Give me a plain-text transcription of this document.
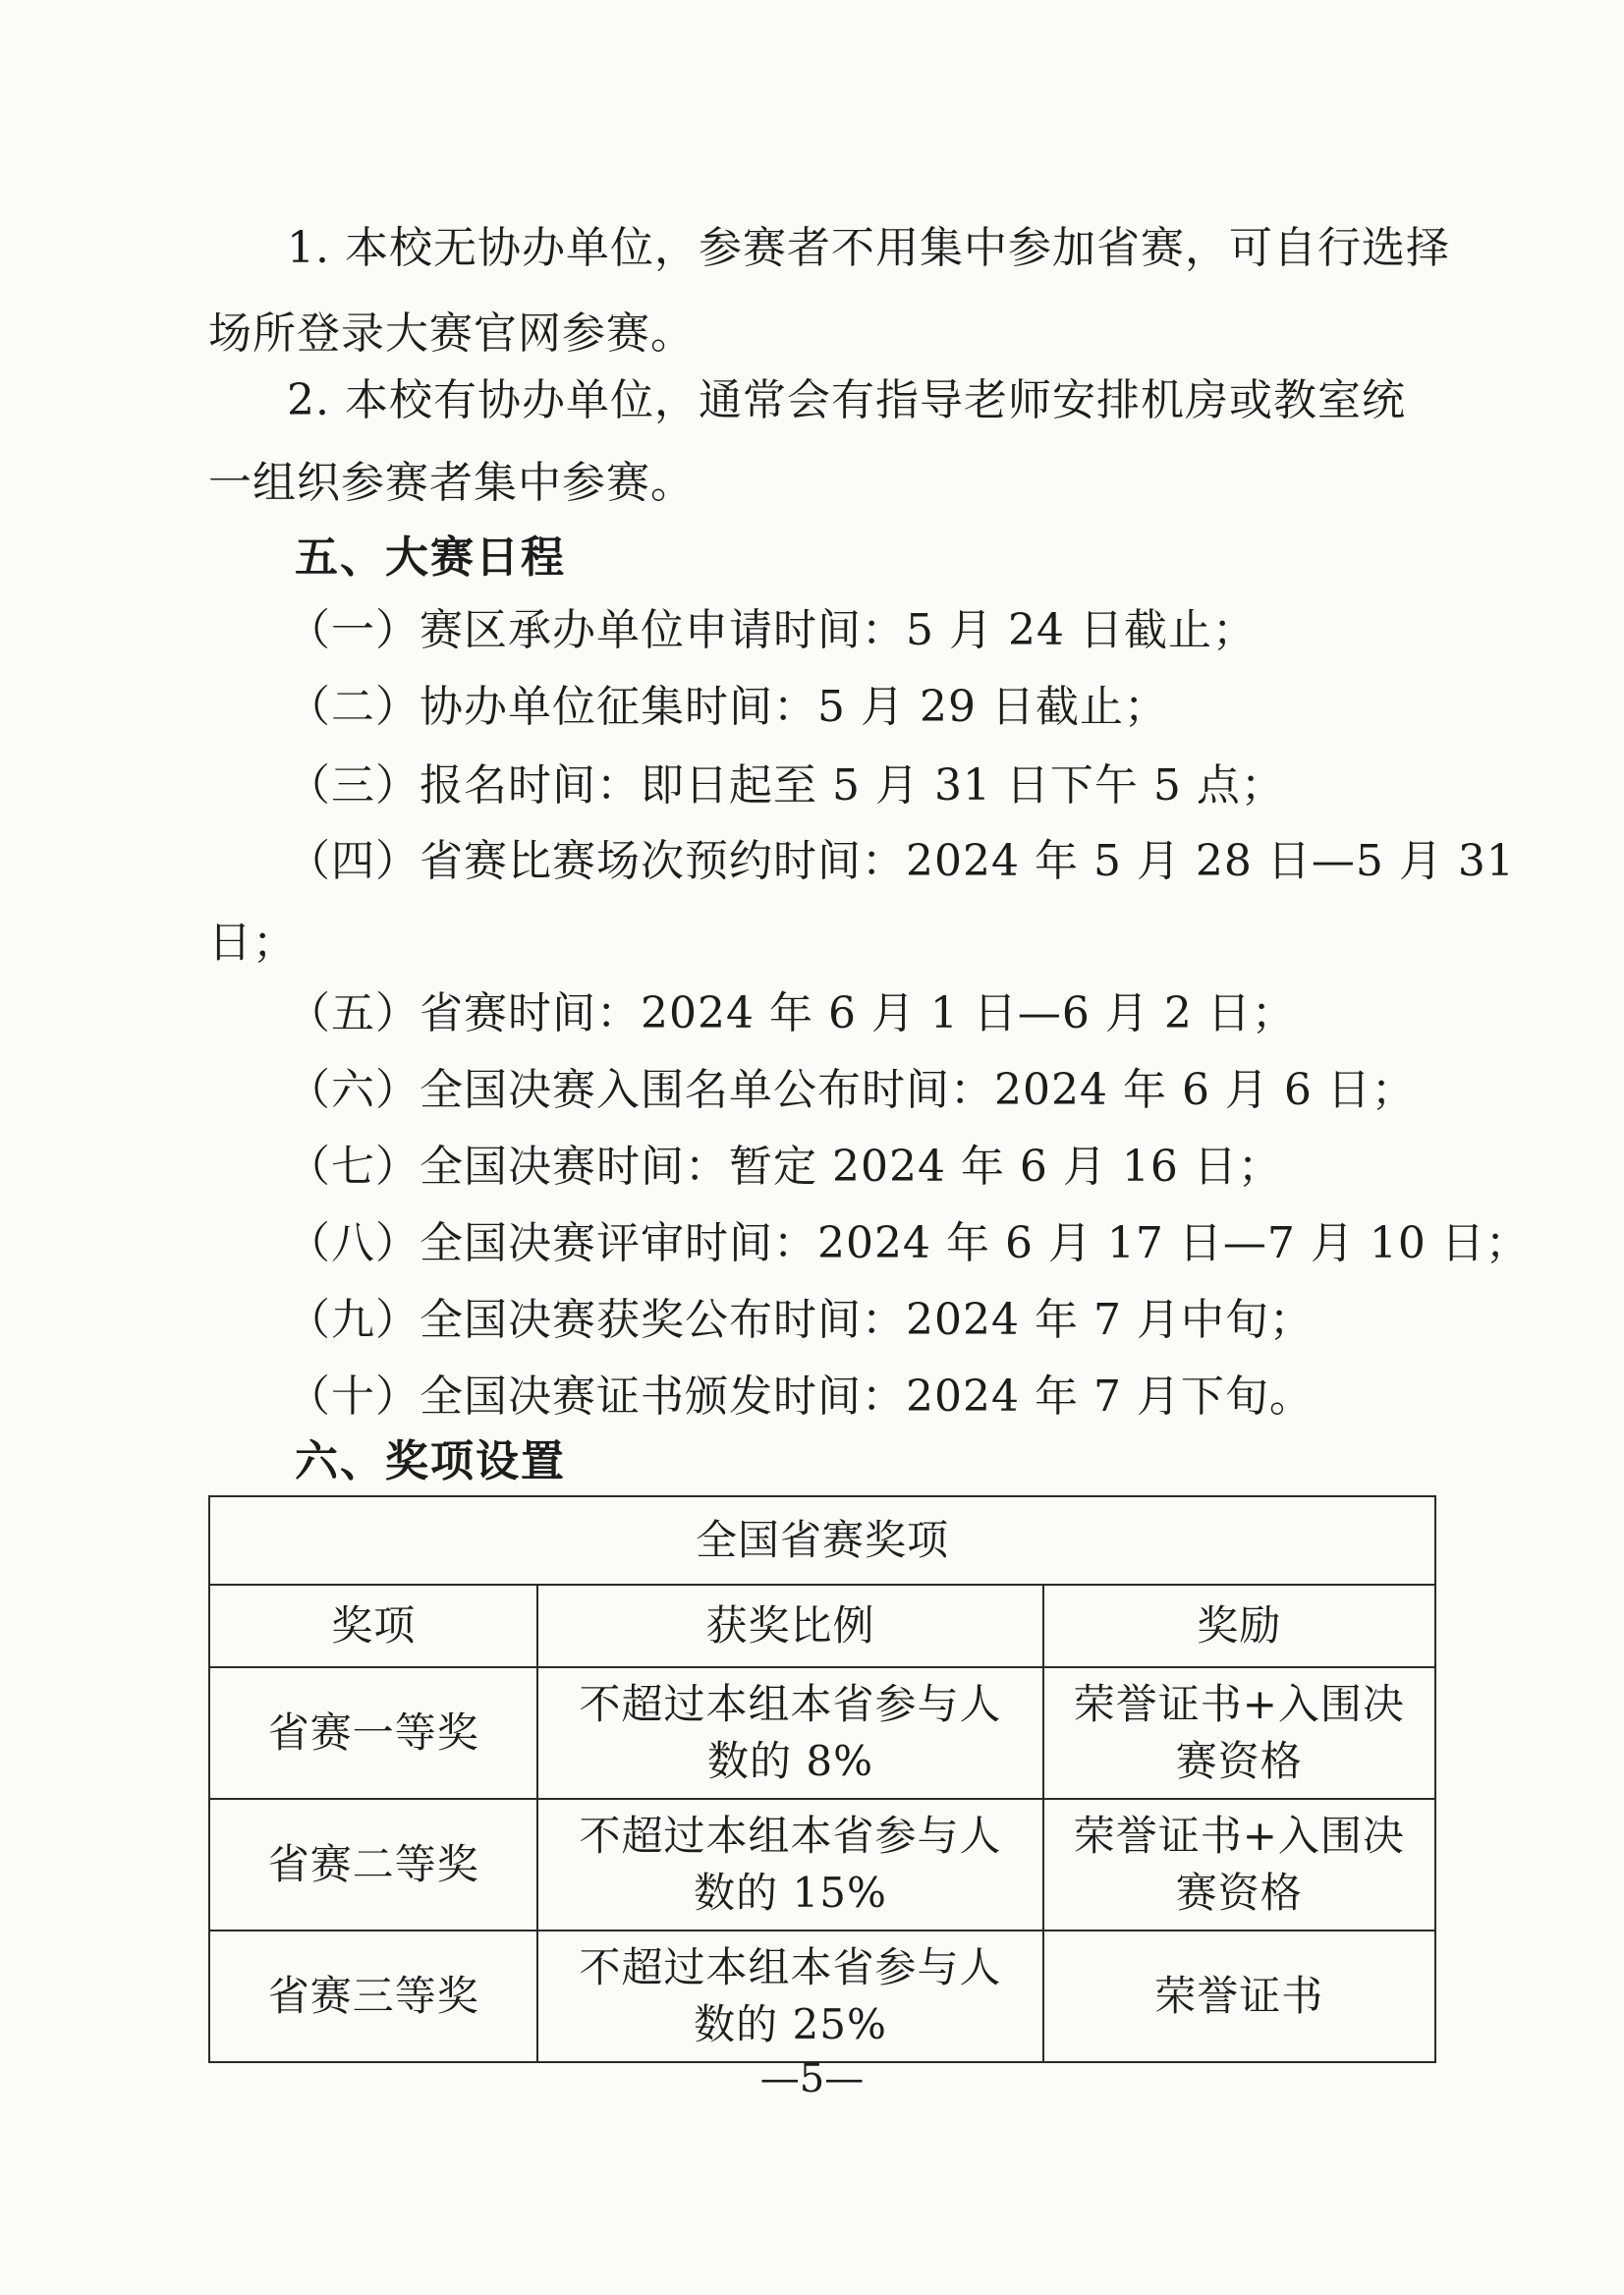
1. 本校无协办单位，参赛者不用集中参加省赛，可自行选择
场所登录大赛官网参赛。
2. 本校有协办单位，通常会有指导老师安排机房或教室统
一组织参赛者集中参赛。
五、大赛日程
（一）赛区承办单位申请时间：5 月 24 日截止；
（二）协办单位征集时间：5 月 29 日截止；
（三）报名时间：即日起至 5 月 31 日下午 5 点；
（四）省赛比赛场次预约时间：2024 年 5 月 28 日—5 月 31
日；
（五）省赛时间：2024 年 6 月 1 日—6 月 2 日；
（六）全国决赛入围名单公布时间：2024 年 6 月 6 日；
（七）全国决赛时间：暂定 2024 年 6 月 16 日；
（八）全国决赛评审时间：2024 年 6 月 17 日—7 月 10 日；
（九）全国决赛获奖公布时间：2024 年 7 月中旬；
（十）全国决赛证书颁发时间：2024 年 7 月下旬。
六、奖项设置
全国省赛奖项		
奖项	获奖比例	奖励
省赛一等奖	不超过本组本省参与人数的 8%	荣誉证书+入围决赛资格
省赛二等奖	不超过本组本省参与人数的 15%	荣誉证书+入围决赛资格
省赛三等奖	不超过本组本省参与人数的 25%	荣誉证书
—5—
